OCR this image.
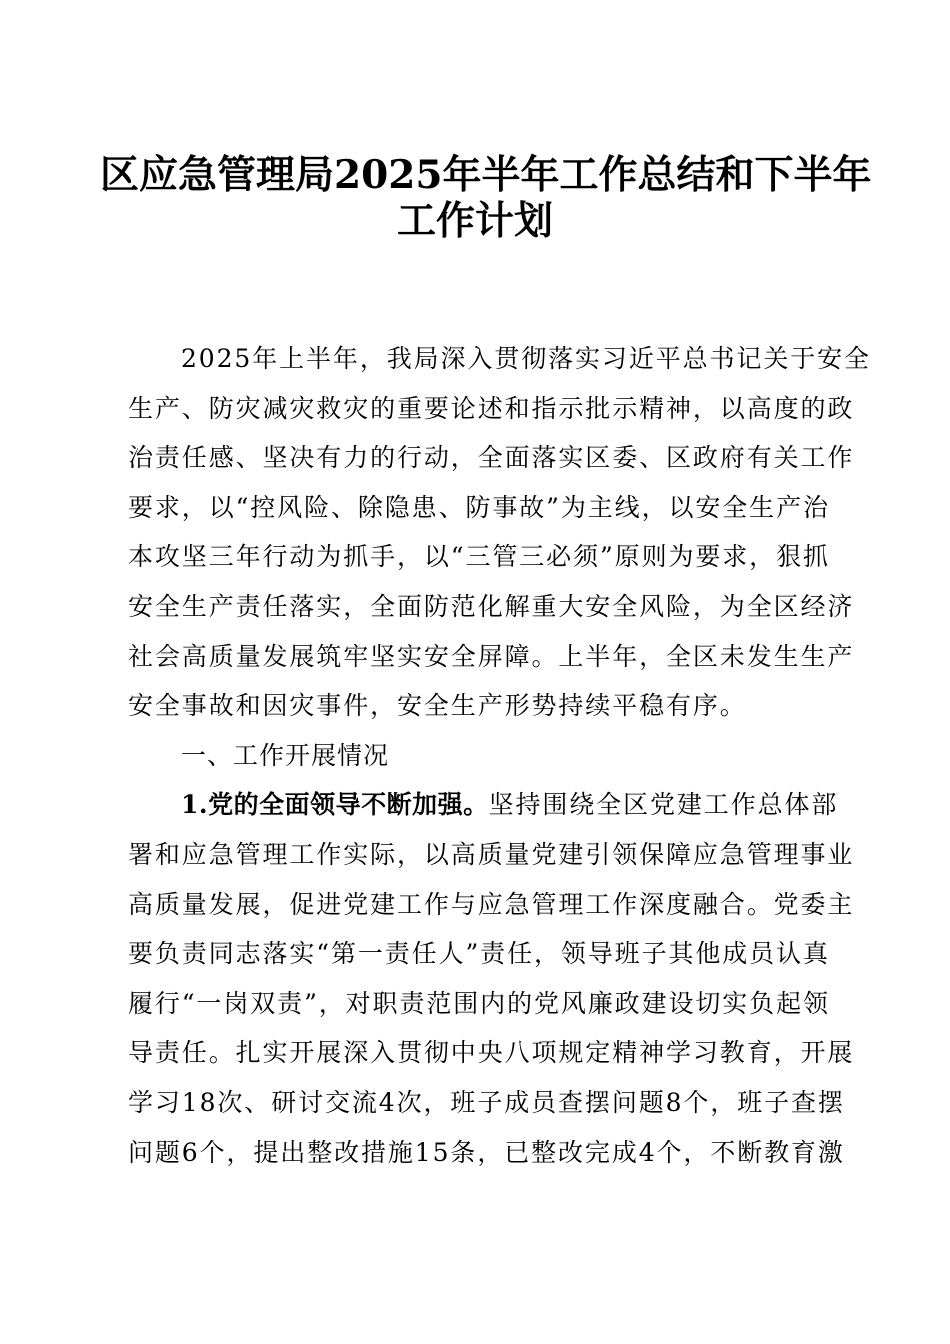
区应急管理局2025年半年工作总结和下半年
工作计划
2025年上半年，我局深入贯彻落实习近平总书记关于安全
生产、防灾减灾救灾的重要论述和指示批示精神，以高度的政
治责任感、坚决有力的行动，全面落实区委、区政府有关工作
要求，以“控风险、除隐患、防事故”为主线，以安全生产治
本攻坚三年行动为抓手，以“三管三必须”原则为要求，狠抓
安全生产责任落实，全面防范化解重大安全风险，为全区经济
社会高质量发展筑牢坚实安全屏障。上半年，全区未发生生产
安全事故和因灾事件，安全生产形势持续平稳有序。
一、工作开展情况
1.党的全面领导不断加强。坚持围绕全区党建工作总体部
署和应急管理工作实际，以高质量党建引领保障应急管理事业
高质量发展，促进党建工作与应急管理工作深度融合。党委主
要负责同志落实“第一责任人”责任，领导班子其他成员认真
履行“一岗双责”，对职责范围内的党风廉政建设切实负起领
导责任。扎实开展深入贯彻中央八项规定精神学习教育，开展
学习18次、研讨交流4次，班子成员查摆问题8个，班子查摆
问题6个，提出整改措施15条，已整改完成4个，不断教育激
